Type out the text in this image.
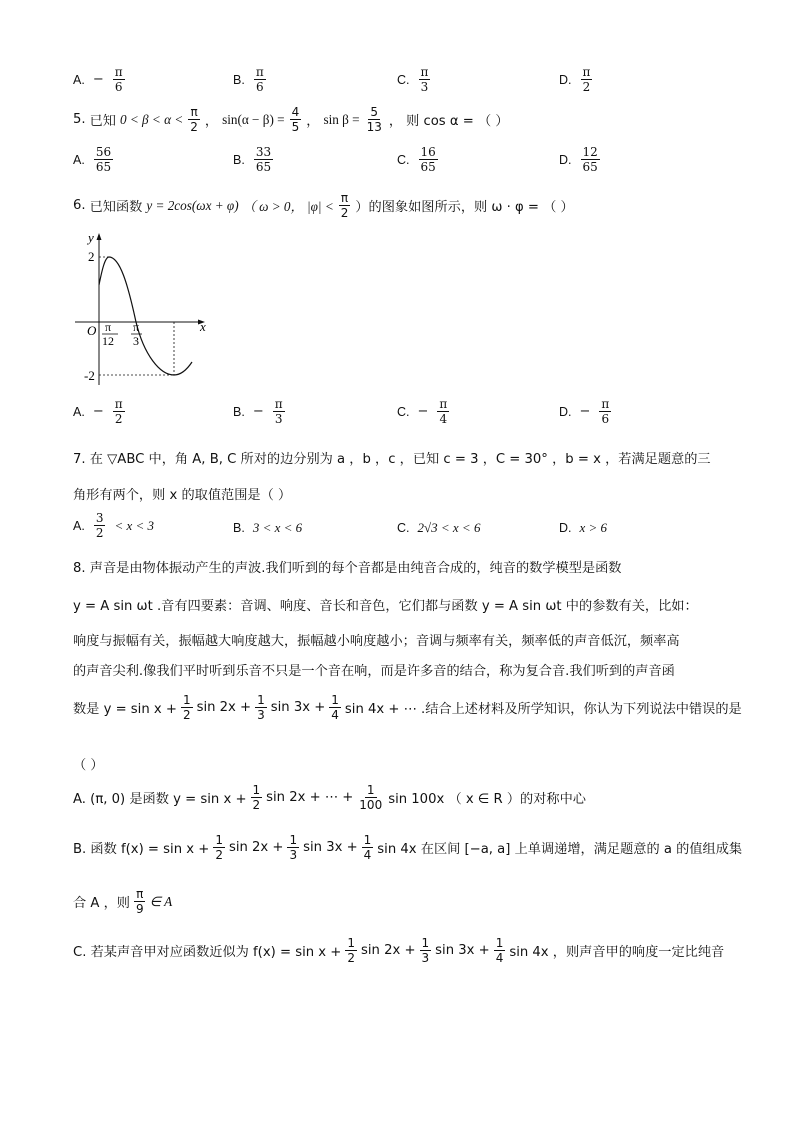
A. − $\frac{\pi}{6}$	B. $\frac{\pi}{6}$	C. $\frac{\pi}{3}$	D. $\frac{\pi}{2}$
5. 已知 $0 < \beta < \alpha < \frac{\pi}{2}$ ， $\sin(\alpha - \beta) = \frac{4}{5}$ ， $\sin \beta = \frac{5}{13}$ ， 则 cos α = （ ）
A. $\frac{56}{65}$	B. $\frac{33}{65}$	C. $\frac{16}{65}$	D. $\frac{12}{65}$
6. 已知函数 y = 2cos(ωx + φ) （ ω > 0， $|\varphi| < \frac{\pi}{2}$ ）的图象如图所示，则 ω · φ = （ ）
y
x
O
2
-2
π
12
π
3
A. − $\frac{\pi}{2}$	B. − $\frac{\pi}{3}$	C. − $\frac{\pi}{4}$	D. − $\frac{\pi}{6}$
7. 在 ▽ABC 中，角 A, B, C 所对的边分别为 a ，b ，c ，已知 c = 3 ，C = 30° ，b = x ，若满足题意的三
角形有两个，则 x 的取值范围是（ ）
A. $\frac{3}{2} < x < 3$	B. 3 < x < 6	C. 2√3 < x < 6	D. x > 6
8. 声音是由物体振动产生的声波.我们听到的每个音都是由纯音合成的，纯音的数学模型是函数
y = A sin ωt .音有四要素：音调、响度、音长和音色，它们都与函数 y = A sin ωt 中的参数有关，比如：
响度与振幅有关，振幅越大响度越大，振幅越小响度越小；音调与频率有关，频率低的声音低沉，频率高
的声音尖利.像我们平时听到乐音不只是一个音在响，而是许多音的结合，称为复合音.我们听到的声音函
数是 $y = \sin x + \frac{1}{2}$ $\sin 2x + \frac{1}{3}$ $\sin 3x + \frac{1}{4}$ sin 4x + ⋯ .结合上述材料及所学知识，你认为下列说法中错误的是
（ ）
A. (π, 0) 是函数 $y = \sin x + \frac{1}{2}$ sin 2x + ⋯ + $\frac{1}{100}$ sin 100x （ x ∈ R ）的对称中心
B. 函数 $f(x) = \sin x + \frac{1}{2}$ $\sin 2x + \frac{1}{3}$ $\sin 3x + \frac{1}{4}$ sin 4x 在区间 [−a, a] 上单调递增，满足题意的 a 的值组成集
合 A ，则 $\frac{\pi}{9}$ ∈ A
C. 若某声音甲对应函数近似为 $f(x) = \sin x + \frac{1}{2}$ $\sin 2x + \frac{1}{3}$ $\sin 3x + \frac{1}{4}$ sin 4x ，则声音甲的响度一定比纯音
